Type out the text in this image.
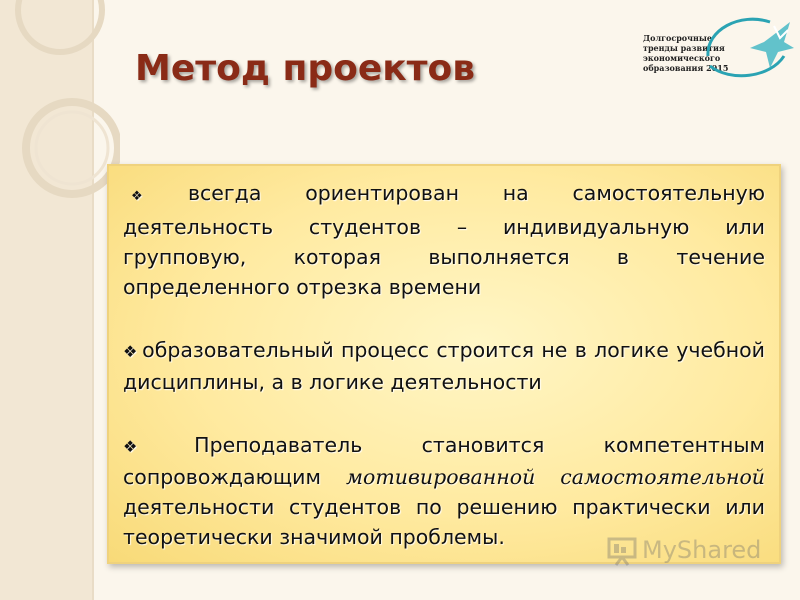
Метод проектов
Долгосрочные тренды развития экономического образования 2015

❖ всегда ориентирован на самостоятельную деятельность студентов – индивидуальную или групповую, которая выполняется в течение определенного отрезка времени

❖ образовательный процесс строится не в логике учебной дисциплины, а в логике деятельности

❖ Преподаватель становится компетентным сопровождающим мотивированной самостоятельной деятельности студентов по решению практически или теоретически значимой проблемы.	MyShared
